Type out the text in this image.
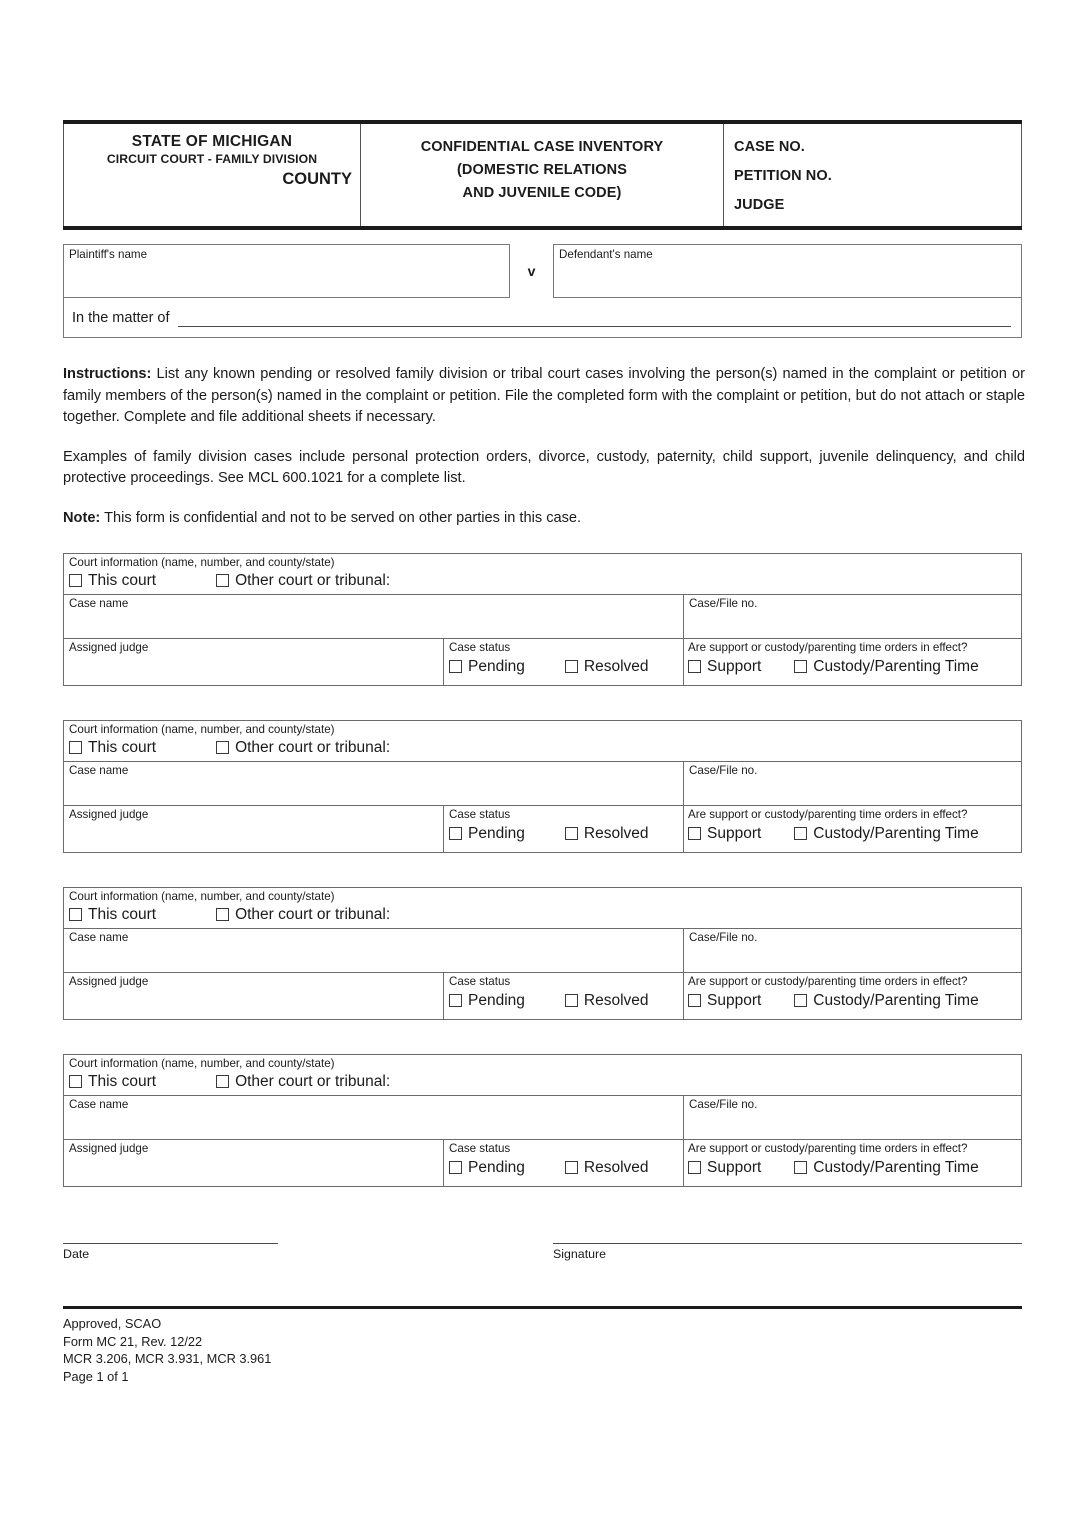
STATE OF MICHIGAN
CIRCUIT COURT - FAMILY DIVISION
COUNTY
CONFIDENTIAL CASE INVENTORY
(DOMESTIC RELATIONS
AND JUVENILE CODE)
CASE NO.
PETITION NO.
JUDGE
Plaintiff's name
v
Defendant's name
In the matter of

Instructions: List any known pending or resolved family division or tribal court cases involving the person(s) named in the complaint or petition or family members of the person(s) named in the complaint or petition. File the completed form with the complaint or petition, but do not attach or staple together. Complete and file additional sheets if necessary.

Examples of family division cases include personal protection orders, divorce, custody, paternity, child support, juvenile delinquency, and child protective proceedings. See MCL 600.1021 for a complete list.

Note: This form is confidential and not to be served on other parties in this case.

Court information (name, number, and county/state)
This court	Other court or tribunal:
Case name	Case/File no.
Assigned judge	Case status
Pending	Resolved
Are support or custody/parenting time orders in effect?
Support	Custody/Parenting Time
Court information (name, number, and county/state)
This court	Other court or tribunal:
Case name	Case/File no.
Assigned judge	Case status
Pending	Resolved
Are support or custody/parenting time orders in effect?
Support	Custody/Parenting Time
Court information (name, number, and county/state)
This court	Other court or tribunal:
Case name	Case/File no.
Assigned judge	Case status
Pending	Resolved
Are support or custody/parenting time orders in effect?
Support	Custody/Parenting Time
Court information (name, number, and county/state)
This court	Other court or tribunal:
Case name	Case/File no.
Assigned judge	Case status
Pending	Resolved
Are support or custody/parenting time orders in effect?
Support	Custody/Parenting Time
Date	Signature
Approved, SCAO
Form MC 21, Rev. 12/22
MCR 3.206, MCR 3.931, MCR 3.961
Page 1 of 1
